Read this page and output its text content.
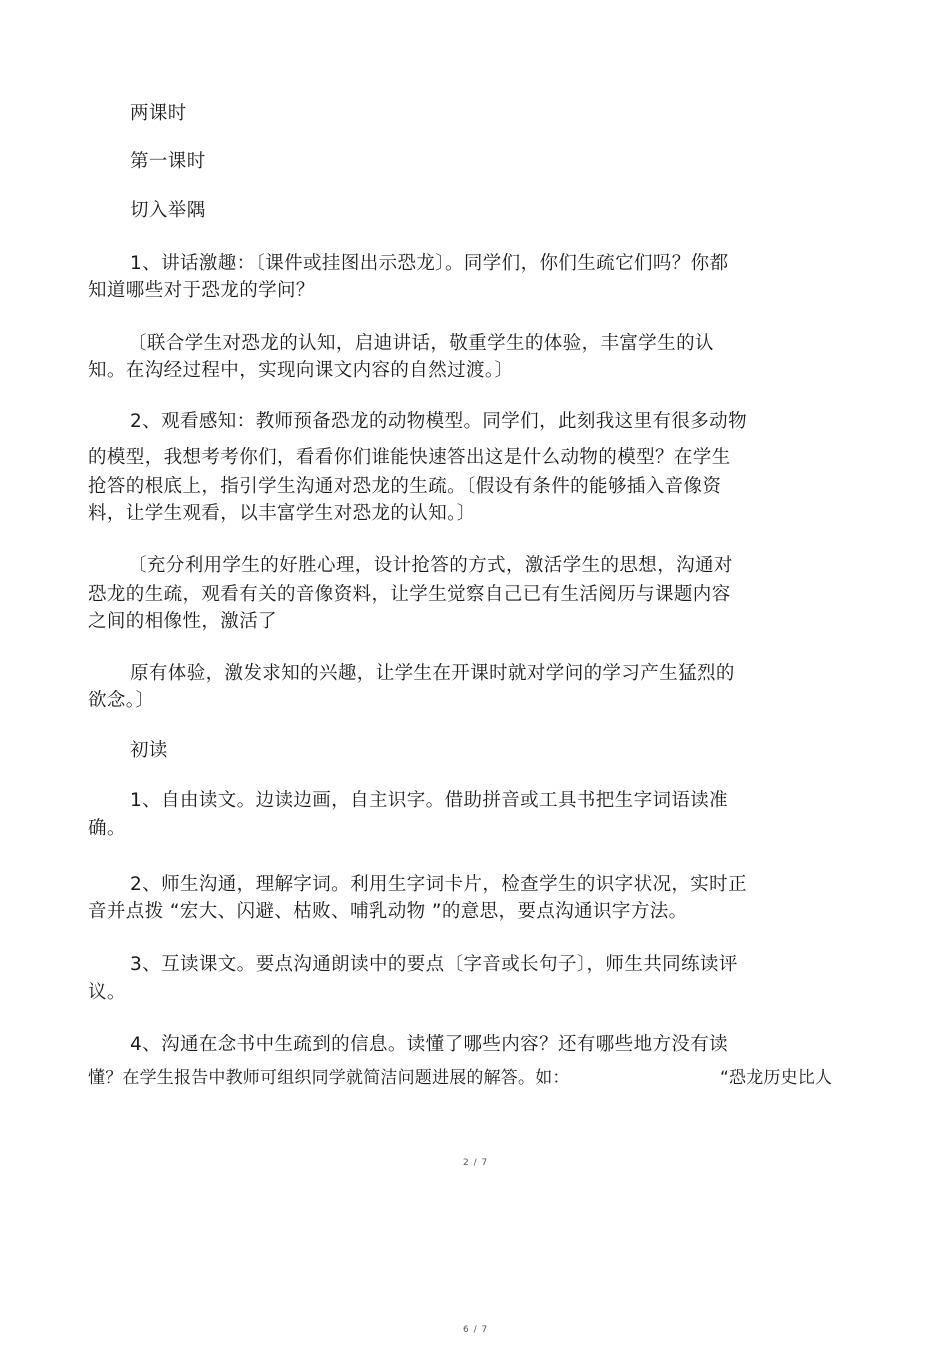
两课时
第一课时
切入举隅
1、讲话激趣：〔课件或挂图出示恐龙〕。同学们，你们生疏它们吗？你都
知道哪些对于恐龙的学问？
〔联合学生对恐龙的认知，启迪讲话，敬重学生的体验，丰富学生的认
知。在沟经过程中，实现向课文内容的自然过渡。〕
2、观看感知：教师预备恐龙的动物模型。同学们，此刻我这里有很多动物
的模型，我想考考你们，看看你们谁能快速答出这是什么动物的模型？在学生
抢答的根底上，指引学生沟通对恐龙的生疏。〔假设有条件的能够插入音像资
料，让学生观看，以丰富学生对恐龙的认知。〕
〔充分利用学生的好胜心理，设计抢答的方式，激活学生的思想，沟通对
恐龙的生疏，观看有关的音像资料，让学生觉察自己已有生活阅历与课题内容
之间的相像性，激活了
原有体验，激发求知的兴趣，让学生在开课时就对学问的学习产生猛烈的
欲念。〕
初读
1、自由读文。边读边画，自主识字。借助拼音或工具书把生字词语读准
确。
2、师生沟通，理解字词。利用生字词卡片，检查学生的识字状况，实时正
音并点拨 “宏大、闪避、枯败、哺乳动物 ”的意思，要点沟通识字方法。
3、互读课文。要点沟通朗读中的要点〔字音或长句子〕，师生共同练读评
议。
4、沟通在念书中生疏到的信息。读懂了哪些内容？还有哪些地方没有读
懂？在学生报告中教师可组织同学就简洁问题进展的解答。如：	“恐龙历史比人
2 / 7
6 / 7
